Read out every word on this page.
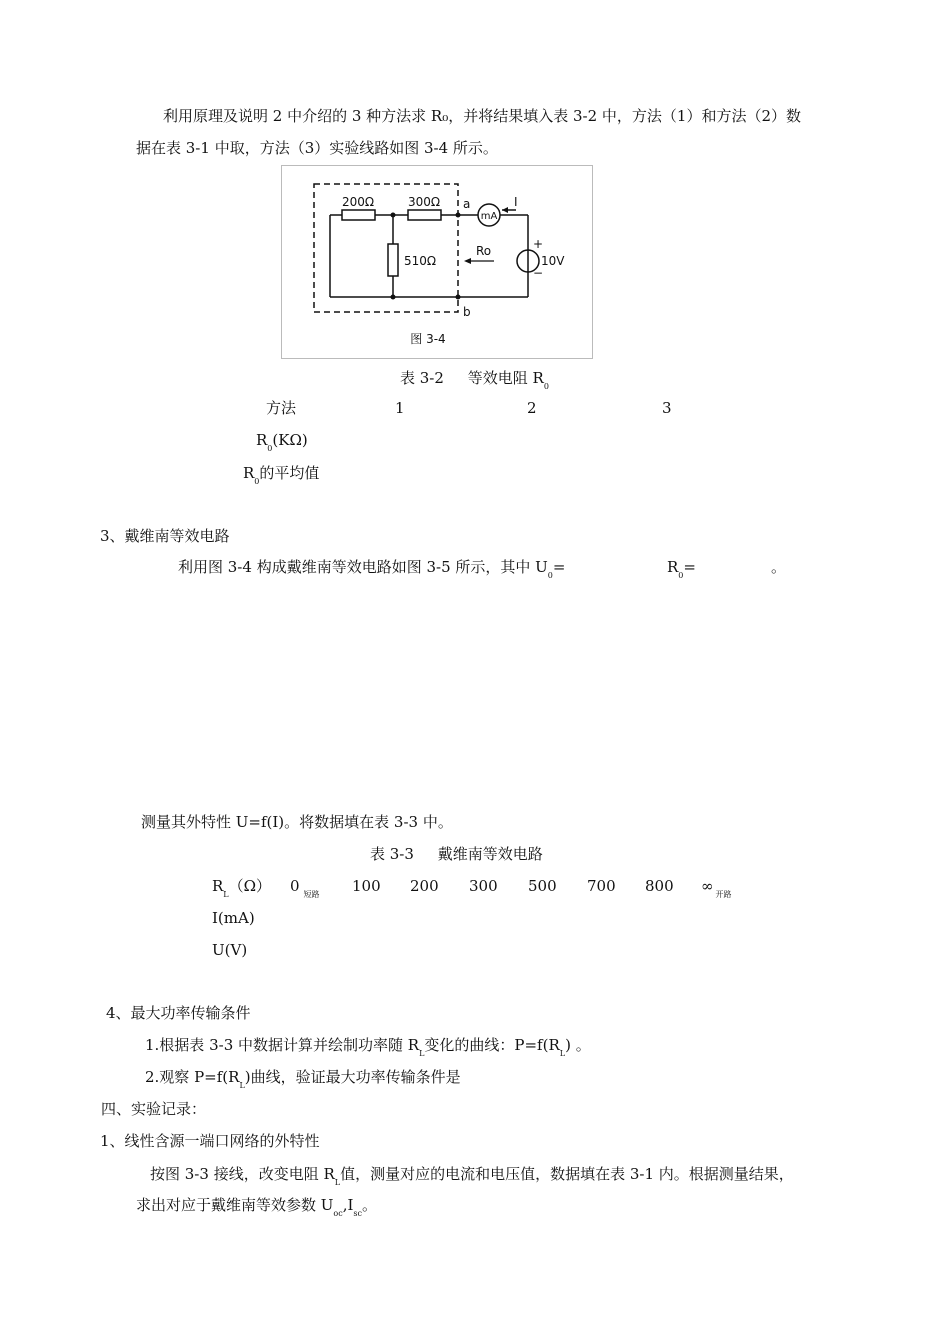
利用原理及说明 2 中介绍的 3 种方法求 R₀，并将结果填入表 3-2 中，方法（1）和方法（2）数
据在表 3-1 中取，方法（3）实验线路如图 3-4 所示。
200Ω	300Ω
510Ω
a
b
mA
I
Ro	+
−
10V
图 3-4
表 3-2 等效电阻 $R_0$
方法	1	2	3
$R_0(K\Omega)$
$R_0$的平均值
3、戴维南等效电路
利用图 3-4 构成戴维南等效电路如图 3-5 所示，其中 $U_0=$	$R_0=$	。
测量其外特性 U=f(I)。将数据填在表 3-3 中。
表 3-3 戴维南等效电路
$R_L(\Omega)$ 0 $_{短路}$ 100 200 300 500 700 800 ∞ $_{开路}$
I(mA)
U(V)
4、最大功率传输条件
1.根据表 3-3 中数据计算并绘制功率随 $R_L$变化的曲线：$P=f(R_L)$ 。
2.观察 $P=f(R_L)$曲线，验证最大功率传输条件是
四、实验记录：
1、线性含源一端口网络的外特性
按图 3-3 接线，改变电阻 $R_L$值，测量对应的电流和电压值，数据填在表 3-1 内。根据测量结果，
求出对应于戴维南等效参数 $U_{oc},I_{sc}$。
